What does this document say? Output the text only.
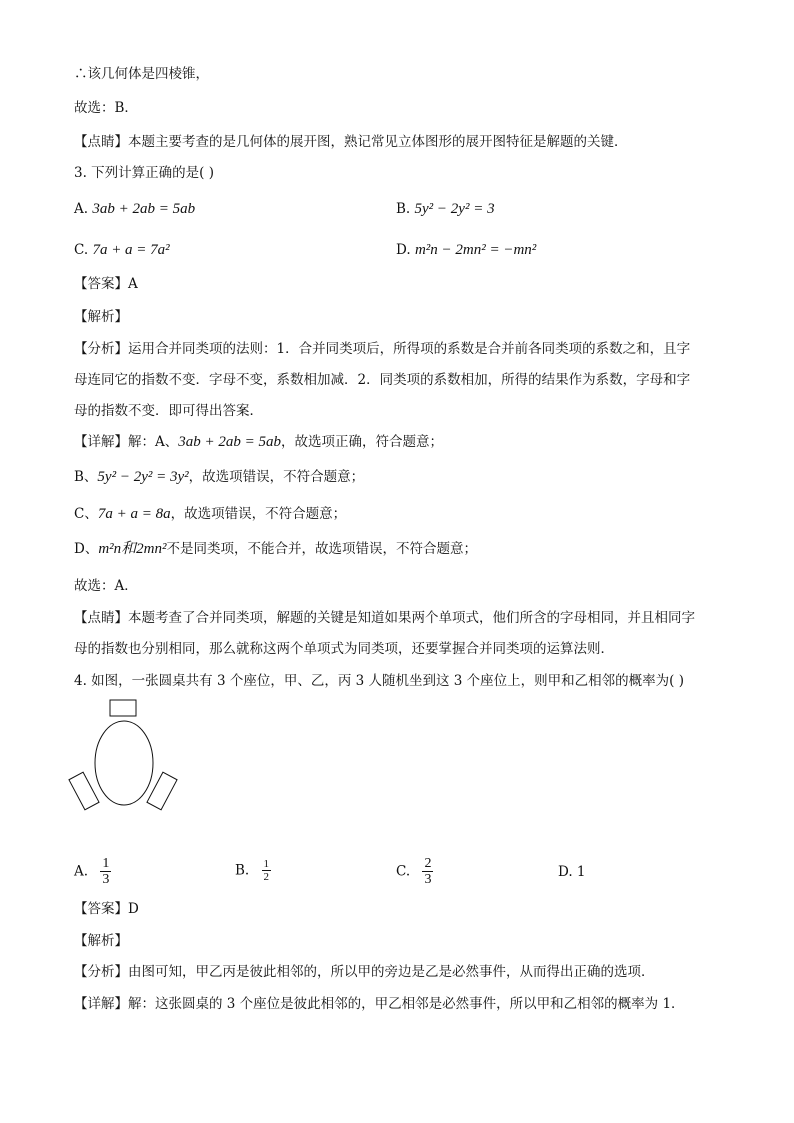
∴该几何体是四棱锥，
故选：B．
【点睛】本题主要考查的是几何体的展开图，熟记常见立体图形的展开图特征是解题的关键．
3. 下列计算正确的是( )
A. 3ab + 2ab = 5ab	B. 5y² − 2y² = 3
C. 7a + a = 7a²	D. m²n − 2mn² = −mn²
【答案】A
【解析】
【分析】运用合并同类项的法则：1．合并同类项后，所得项的系数是合并前各同类项的系数之和，且字
母连同它的指数不变．字母不变，系数相加减．2．同类项的系数相加，所得的结果作为系数，字母和字
母的指数不变．即可得出答案．
【详解】解：A、3ab + 2ab = 5ab，故选项正确，符合题意；
B、5y² − 2y² = 3y²，故选项错误，不符合题意；
C、7a + a = 8a，故选项错误，不符合题意；
D、m²n和2mn²不是同类项，不能合并，故选项错误，不符合题意；
故选：A．
【点睛】本题考查了合并同类项，解题的关键是知道如果两个单项式，他们所含的字母相同，并且相同字
母的指数也分别相同，那么就称这两个单项式为同类项，还要掌握合并同类项的运算法则．
4. 如图，一张圆桌共有 3 个座位，甲、乙，丙 3 人随机坐到这 3 个座位上，则甲和乙相邻的概率为( )
A. $\frac{1}{3}$	B. $\frac{1}{2}$	C. $\frac{2}{3}$	D. 1
【答案】D
【解析】
【分析】由图可知，甲乙丙是彼此相邻的，所以甲的旁边是乙是必然事件，从而得出正确的选项．
【详解】解：这张圆桌的 3 个座位是彼此相邻的，甲乙相邻是必然事件，所以甲和乙相邻的概率为 1．
